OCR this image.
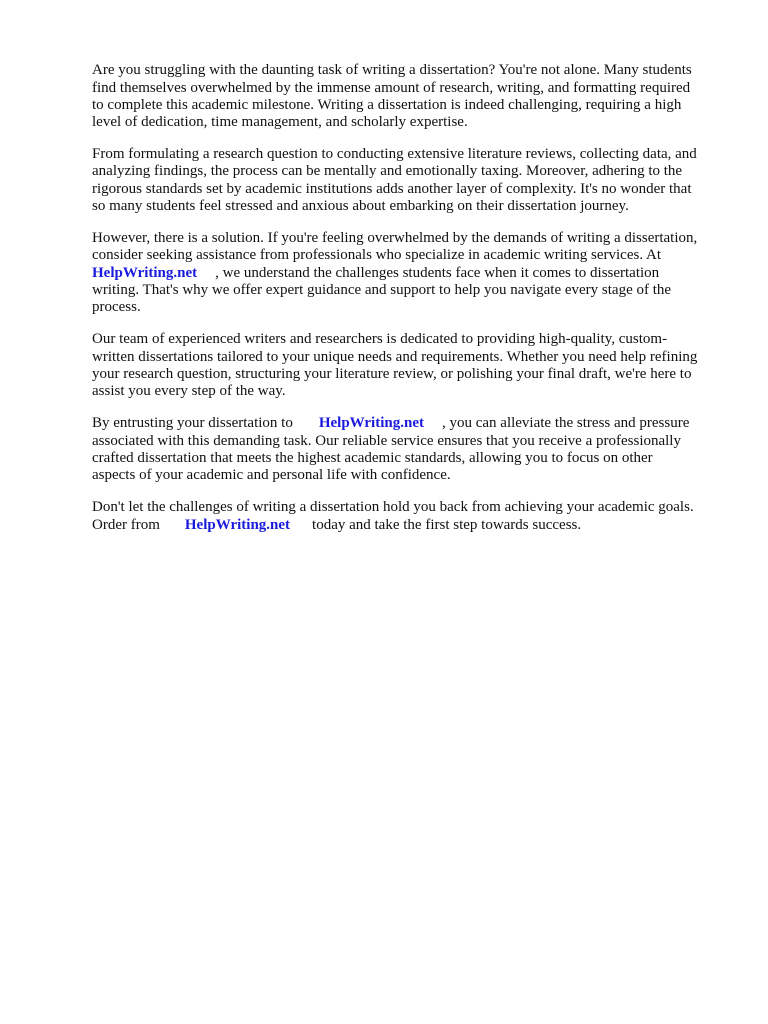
Are you struggling with the daunting task of writing a dissertation? You're not alone. Many students
find themselves overwhelmed by the immense amount of research, writing, and formatting required
to complete this academic milestone. Writing a dissertation is indeed challenging, requiring a high
level of dedication, time management, and scholarly expertise.
From formulating a research question to conducting extensive literature reviews, collecting data, and
analyzing findings, the process can be mentally and emotionally taxing. Moreover, adhering to the
rigorous standards set by academic institutions adds another layer of complexity. It's no wonder that
so many students feel stressed and anxious about embarking on their dissertation journey.
However, there is a solution. If you're feeling overwhelmed by the demands of writing a dissertation,
consider seeking assistance from professionals who specialize in academic writing services. At
HelpWriting.net , we understand the challenges students face when it comes to dissertation
writing. That's why we offer expert guidance and support to help you navigate every stage of the
process.
Our team of experienced writers and researchers is dedicated to providing high-quality, custom-
written dissertations tailored to your unique needs and requirements. Whether you need help refining
your research question, structuring your literature review, or polishing your final draft, we're here to
assist you every step of the way.
By entrusting your dissertation to HelpWriting.net , you can alleviate the stress and pressure
associated with this demanding task. Our reliable service ensures that you receive a professionally
crafted dissertation that meets the highest academic standards, allowing you to focus on other
aspects of your academic and personal life with confidence.
Don't let the challenges of writing a dissertation hold you back from achieving your academic goals.
Order from HelpWriting.net today and take the first step towards success.
